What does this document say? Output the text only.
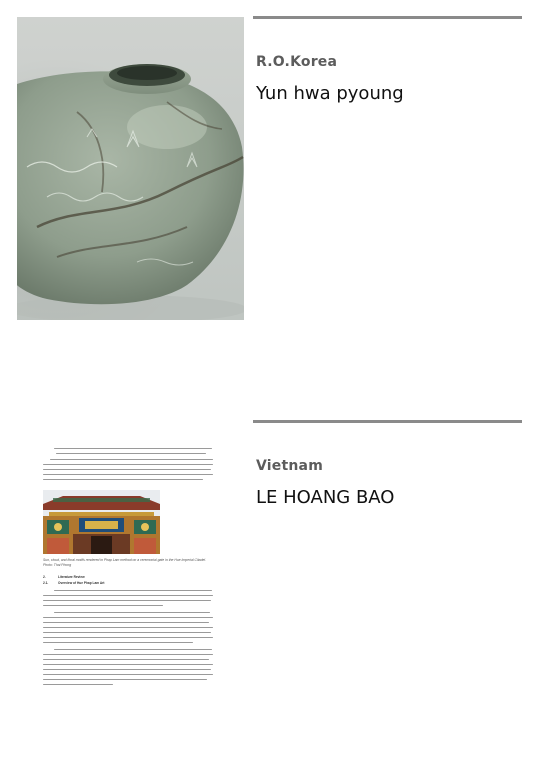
R.O.Korea
Yun hwa pyoung
Sun, cloud, and floral motifs rendered in Phap Lam method on a ceremonial gate in the Hue Imperial Citadel. Photo: Thai Phong
2.	Literature Review
2.1.	Overview of Hue Phap Lam Art
Vietnam
LE HOANG BAO
